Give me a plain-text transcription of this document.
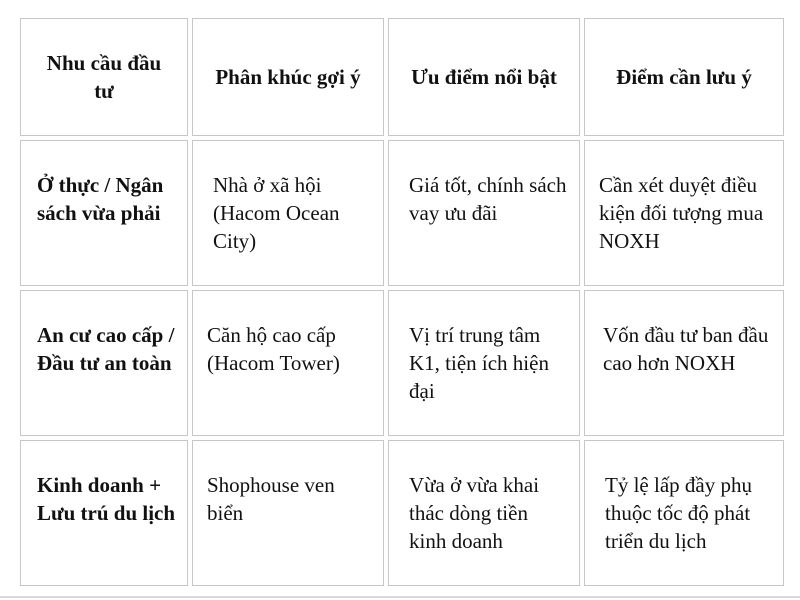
Nhu cầu đầu tư
Phân khúc gợi ý Ưu điểm nổi bật	Điểm cần lưu ý
Ở thực / Ngân sách vừa phải
Nhà ở xã hội (Hacom Ocean City)
Giá tốt, chính sách vay ưu đãi
Cần xét duyệt điều kiện đối tượng mua NOXH
An cư cao cấp / Đầu tư an toàn
Căn hộ cao cấp (Hacom Tower)
Vị trí trung tâm K1, tiện ích hiện đại
Vốn đầu tư ban đầu cao hơn NOXH
Kinh doanh + Lưu trú du lịch
Shophouse ven biển
Vừa ở vừa khai thác dòng tiền kinh doanh
Tỷ lệ lấp đầy phụ thuộc tốc độ phát triển du lịch
